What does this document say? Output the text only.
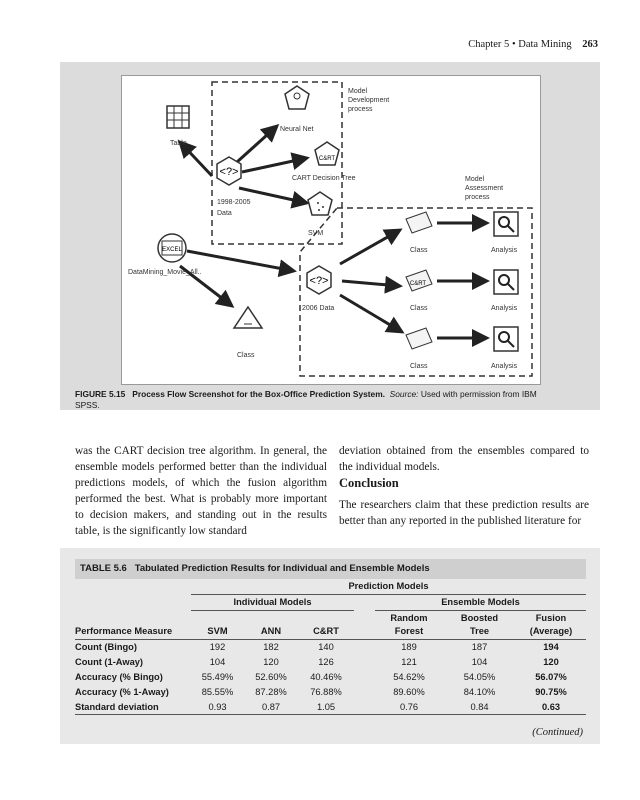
Chapter 5 • Data Mining 263
<?>
C&RT
EXCEL
<?>	C&RT
Model
Development
process
Table
Neural Net
CART Decision Tree
1998-2005
Data
SVM
Model
Assessment
process
Class	Analysis
DataMining_Movie_All..
2006 Data	Class	Analysis
Class
Class	Analysis
FIGURE 5.15 Process Flow Screenshot for the Box-Office Prediction System. Source: Used with permission from IBM SPSS.
was the CART decision tree algorithm. In general, the ensemble models performed better than the individual predictions models, of which the fusion algorithm performed the best. What is probably more important to decision makers, and standing out in the results table, is the significantly low standard
deviation obtained from the ensembles compared to the individual models.
Conclusion
The researchers claim that these prediction results are better than any reported in the published literature for
TABLE 5.6 Tabulated Prediction Results for Individual and Ensemble Models
Prediction Models
Individual Models	Ensemble Models
Performance Measure	SVM	ANN	C&RT
Random
Forest
Boosted
Tree
Fusion
(Average)
Count (Bingo)	192	182	140	189	187	194
Count (1-Away)	104	120	126	121	104	120
Accuracy (% Bingo)	55.49%	52.60%	40.46%	54.62%	54.05%	56.07%
Accuracy (% 1-Away)	85.55%	87.28%	76.88%	89.60%	84.10%	90.75%
Standard deviation	0.93	0.87	1.05	0.76	0.84	0.63
(Continued)
